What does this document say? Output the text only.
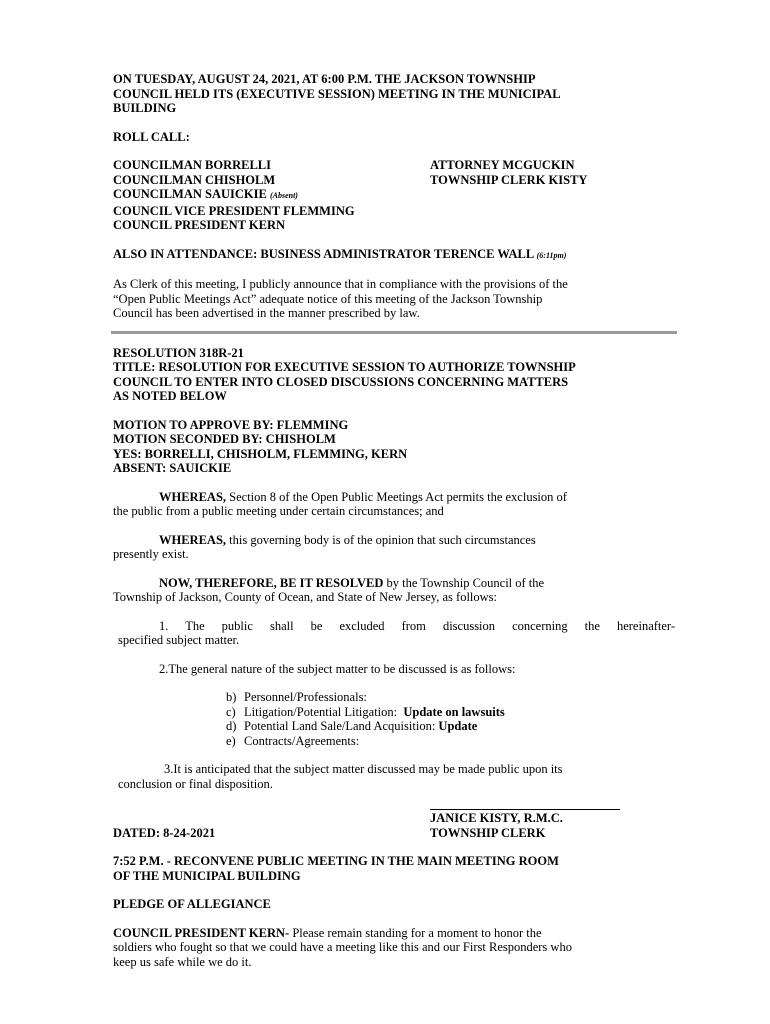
ON TUESDAY, AUGUST 24, 2021, AT 6:00 P.M. THE JACKSON TOWNSHIP

COUNCIL HELD ITS (EXECUTIVE SESSION) MEETING IN THE MUNICIPAL

BUILDING

ROLL CALL:

COUNCILMAN BORRELLI

COUNCILMAN CHISHOLM

COUNCILMAN SAUICKIE (Absent)

COUNCIL VICE PRESIDENT FLEMMING

COUNCIL PRESIDENT KERN

ATTORNEY MCGUCKIN

TOWNSHIP CLERK KISTY

ALSO IN ATTENDANCE: BUSINESS ADMINISTRATOR TERENCE WALL (6:11pm)

As Clerk of this meeting, I publicly announce that in compliance with the provisions of the

“Open Public Meetings Act” adequate notice of this meeting of the Jackson Township

Council has been advertised in the manner prescribed by law.

RESOLUTION 318R-21

TITLE: RESOLUTION FOR EXECUTIVE SESSION TO AUTHORIZE TOWNSHIP

COUNCIL TO ENTER INTO CLOSED DISCUSSIONS CONCERNING MATTERS

AS NOTED BELOW

MOTION TO APPROVE BY: FLEMMING

MOTION SECONDED BY: CHISHOLM

YES: BORRELLI, CHISHOLM, FLEMMING, KERN

ABSENT: SAUICKIE

WHEREAS, Section 8 of the Open Public Meetings Act permits the exclusion of

the public from a public meeting under certain circumstances; and

WHEREAS, this governing body is of the opinion that such circumstances

presently exist.

NOW, THEREFORE, BE IT RESOLVED by the Township Council of the

Township of Jackson, County of Ocean, and State of New Jersey, as follows:

1. The public shall be excluded from discussion concerning the hereinafter-

specified subject matter.

2.The general nature of the subject matter to be discussed is as follows:

b) Personnel/Professionals:
c) Litigation/Potential Litigation: Update on lawsuits
d) Potential Land Sale/Land Acquisition: Update
e) Contracts/Agreements:

3.It is anticipated that the subject matter discussed may be made public upon its

conclusion or final disposition.

DATED: 8-24-2021

JANICE KISTY, R.M.C.

TOWNSHIP CLERK

7:52 P.M. - RECONVENE PUBLIC MEETING IN THE MAIN MEETING ROOM

OF THE MUNICIPAL BUILDING

PLEDGE OF ALLEGIANCE

COUNCIL PRESIDENT KERN- Please remain standing for a moment to honor the

soldiers who fought so that we could have a meeting like this and our First Responders who

keep us safe while we do it.
